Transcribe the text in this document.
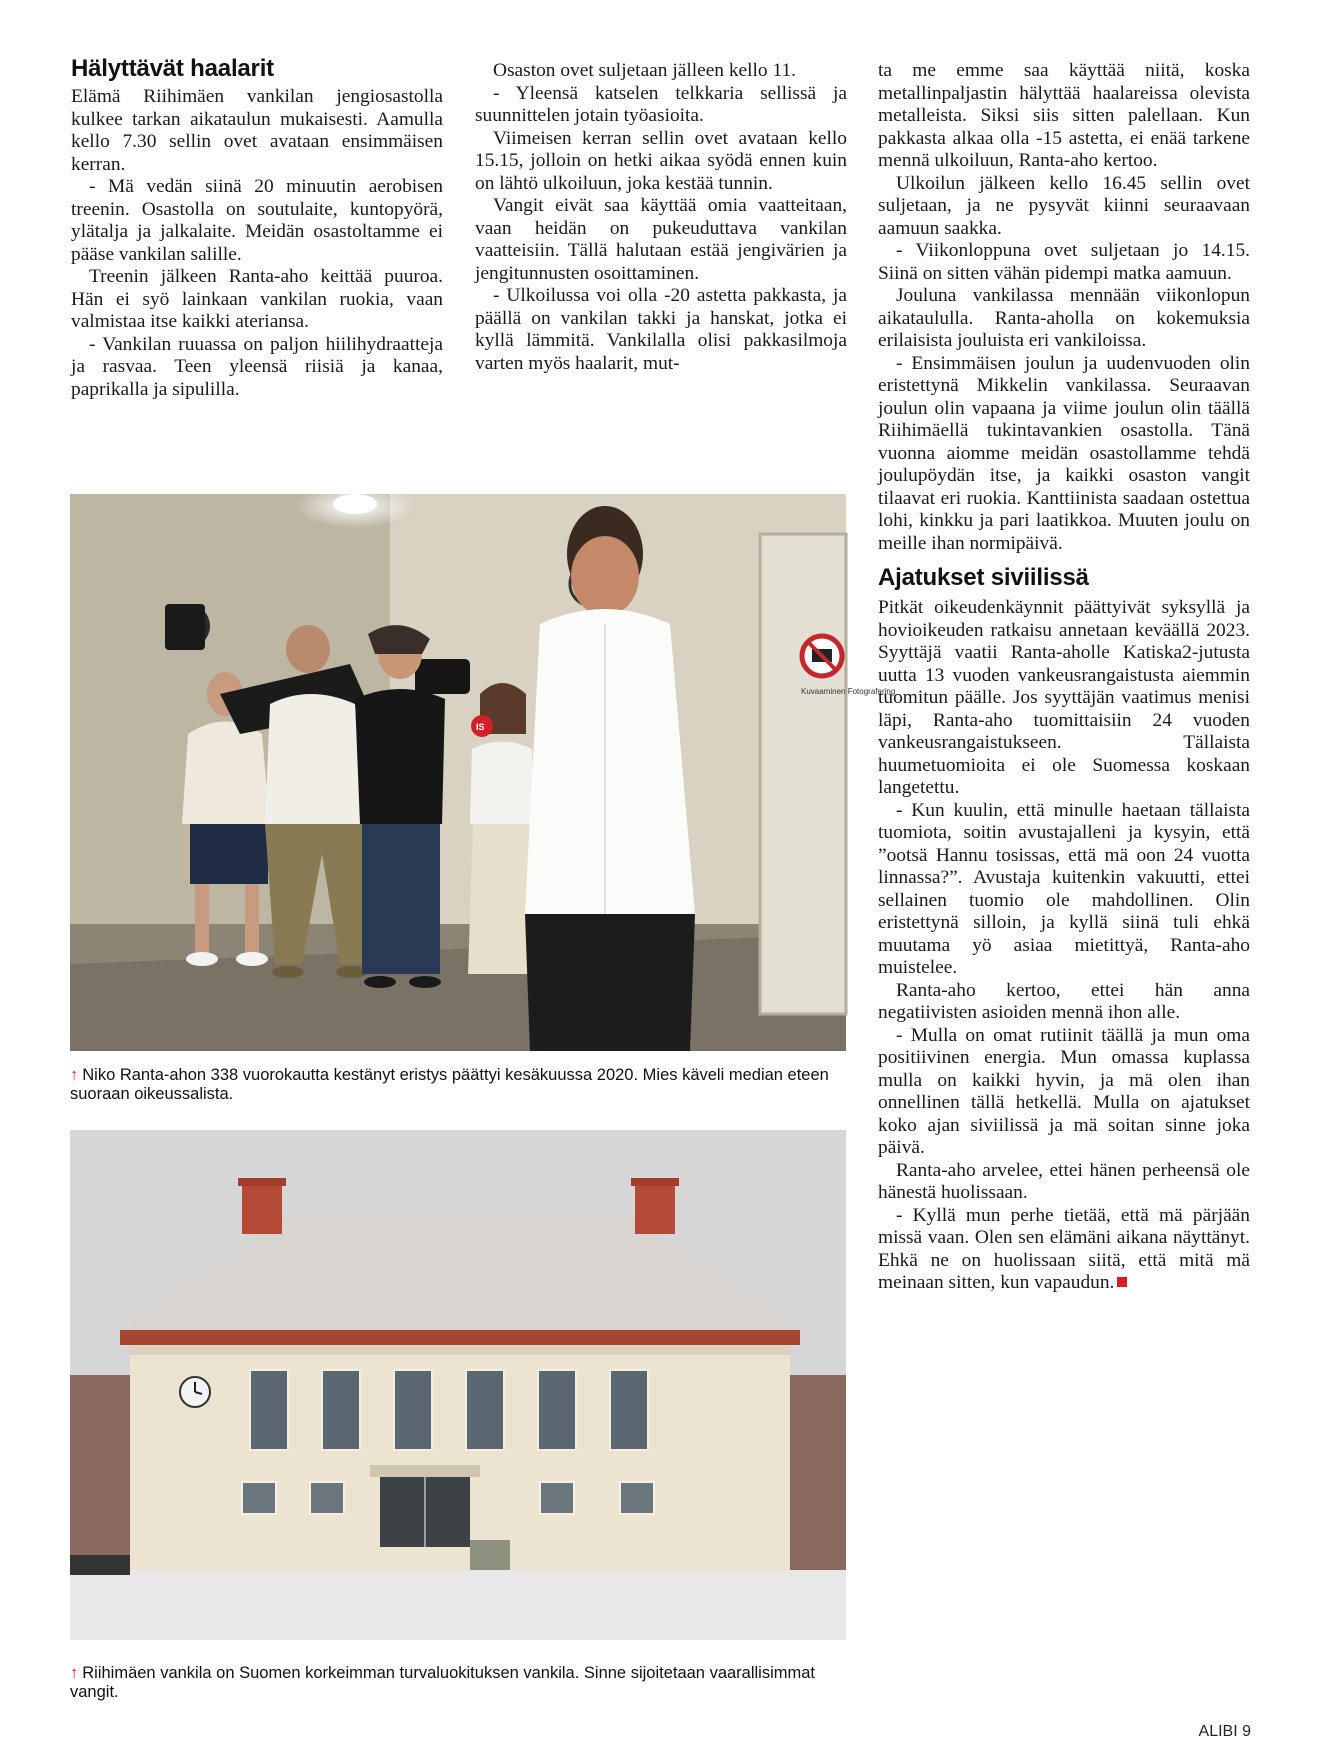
Hälyttävät haalarit

Elämä Riihimäen vankilan jengiosastolla kulkee tarkan aikataulun mukaisesti. Aamulla kello 7.30 sellin ovet avataan ensimmäisen kerran.

- Mä vedän siinä 20 minuutin aerobisen treenin. Osastolla on soutulaite, kuntopyörä, ylätalja ja jalkalaite. Meidän osastoltamme ei pääse vankilan salille.

Treenin jälkeen Ranta-aho keittää puuroa. Hän ei syö lainkaan vankilan ruokia, vaan valmistaa itse kaikki ateriansa.

- Vankilan ruuassa on paljon hiilihydraatteja ja rasvaa. Teen yleensä riisiä ja kanaa, paprikalla ja sipulilla.

Osaston ovet suljetaan jälleen kello 11.

- Yleensä katselen telkkaria sellissä ja suunnittelen jotain työasioita.

Viimeisen kerran sellin ovet avataan kello 15.15, jolloin on hetki aikaa syödä ennen kuin on lähtö ulkoiluun, joka kestää tunnin.

Vangit eivät saa käyttää omia vaatteitaan, vaan heidän on pukeuduttava vankilan vaatteisiin. Tällä halutaan estää jengivärien ja jengitunnusten osoittaminen.

- Ulkoilussa voi olla -20 astetta pakkasta, ja päällä on vankilan takki ja hanskat, jotka ei kyllä lämmitä. Vankilalla olisi pakkasilmoja varten myös haalarit, mut-

ta me emme saa käyttää niitä, koska metallinpaljastin hälyttää haalareissa olevista metalleista. Siksi siis sitten palellaan. Kun pakkasta alkaa olla -15 astetta, ei enää tarkene mennä ulkoiluun, Ranta-aho kertoo.

Ulkoilun jälkeen kello 16.45 sellin ovet suljetaan, ja ne pysyvät kiinni seuraavaan aamuun saakka.

- Viikonloppuna ovet suljetaan jo 14.15. Siinä on sitten vähän pidempi matka aamuun.

Jouluna vankilassa mennään viikonlopun aikataululla. Ranta-aholla on kokemuksia erilaisista jouluista eri vankiloissa.

- Ensimmäisen joulun ja uudenvuoden olin eristettynä Mikkelin vankilassa. Seuraavan joulun olin vapaana ja viime joulun olin täällä Riihimäellä tukintavankien osastolla. Tänä vuonna aiomme meidän osastollamme tehdä joulupöydän itse, ja kaikki osaston vangit tilaavat eri ruokia. Kanttiinista saadaan ostettua lohi, kinkku ja pari laatikkoa. Muuten joulu on meille ihan normipäivä.

Ajatukset siviilissä

Pitkät oikeudenkäynnit päättyivät syksyllä ja hovioikeuden ratkaisu annetaan keväällä 2023. Syyttäjä vaatii Ranta-aholle Katiska2-jutusta uutta 13 vuoden vankeusrangaistusta aiemmin tuomitun päälle. Jos syyttäjän vaatimus menisi läpi, Ranta-aho tuomittaisiin 24 vuoden vankeusrangaistukseen. Tällaista huumetuomioita ei ole Suomessa koskaan langetettu.

- Kun kuulin, että minulle haetaan tällaista tuomiota, soitin avustajalleni ja kysyin, että ”ootsä Hannu tosissas, että mä oon 24 vuotta linnassa?”. Avustaja kuitenkin vakuutti, ettei sellainen tuomio ole mahdollinen. Olin eristettynä silloin, ja kyllä siinä tuli ehkä muutama yö asiaa mietittyä, Ranta-aho muistelee.

Ranta-aho kertoo, ettei hän anna negatiivisten asioiden mennä ihon alle.

- Mulla on omat rutiinit täällä ja mun oma positiivinen energia. Mun omassa kuplassa mulla on kaikki hyvin, ja mä olen ihan onnellinen tällä hetkellä. Mulla on ajatukset koko ajan siviilissä ja mä soitan sinne joka päivä.

Ranta-aho arvelee, ettei hänen perheensä ole hänestä huolissaan.

- Kyllä mun perhe tietää, että mä pärjään missä vaan. Olen sen elämäni aikana näyttänyt. Ehkä ne on huolissaan siitä, että mitä mä meinaan sitten, kun vapaudun.

Kuvaaminen Fotografering
IS
↑ Niko Ranta-ahon 338 vuorokautta kestänyt eristys päättyi kesäkuussa 2020. Mies käveli median eteen suoraan oikeussalista.
↑ Riihimäen vankila on Suomen korkeimman turvaluokituksen vankila. Sinne sijoitetaan vaarallisimmat vangit.
ALIBI 9
